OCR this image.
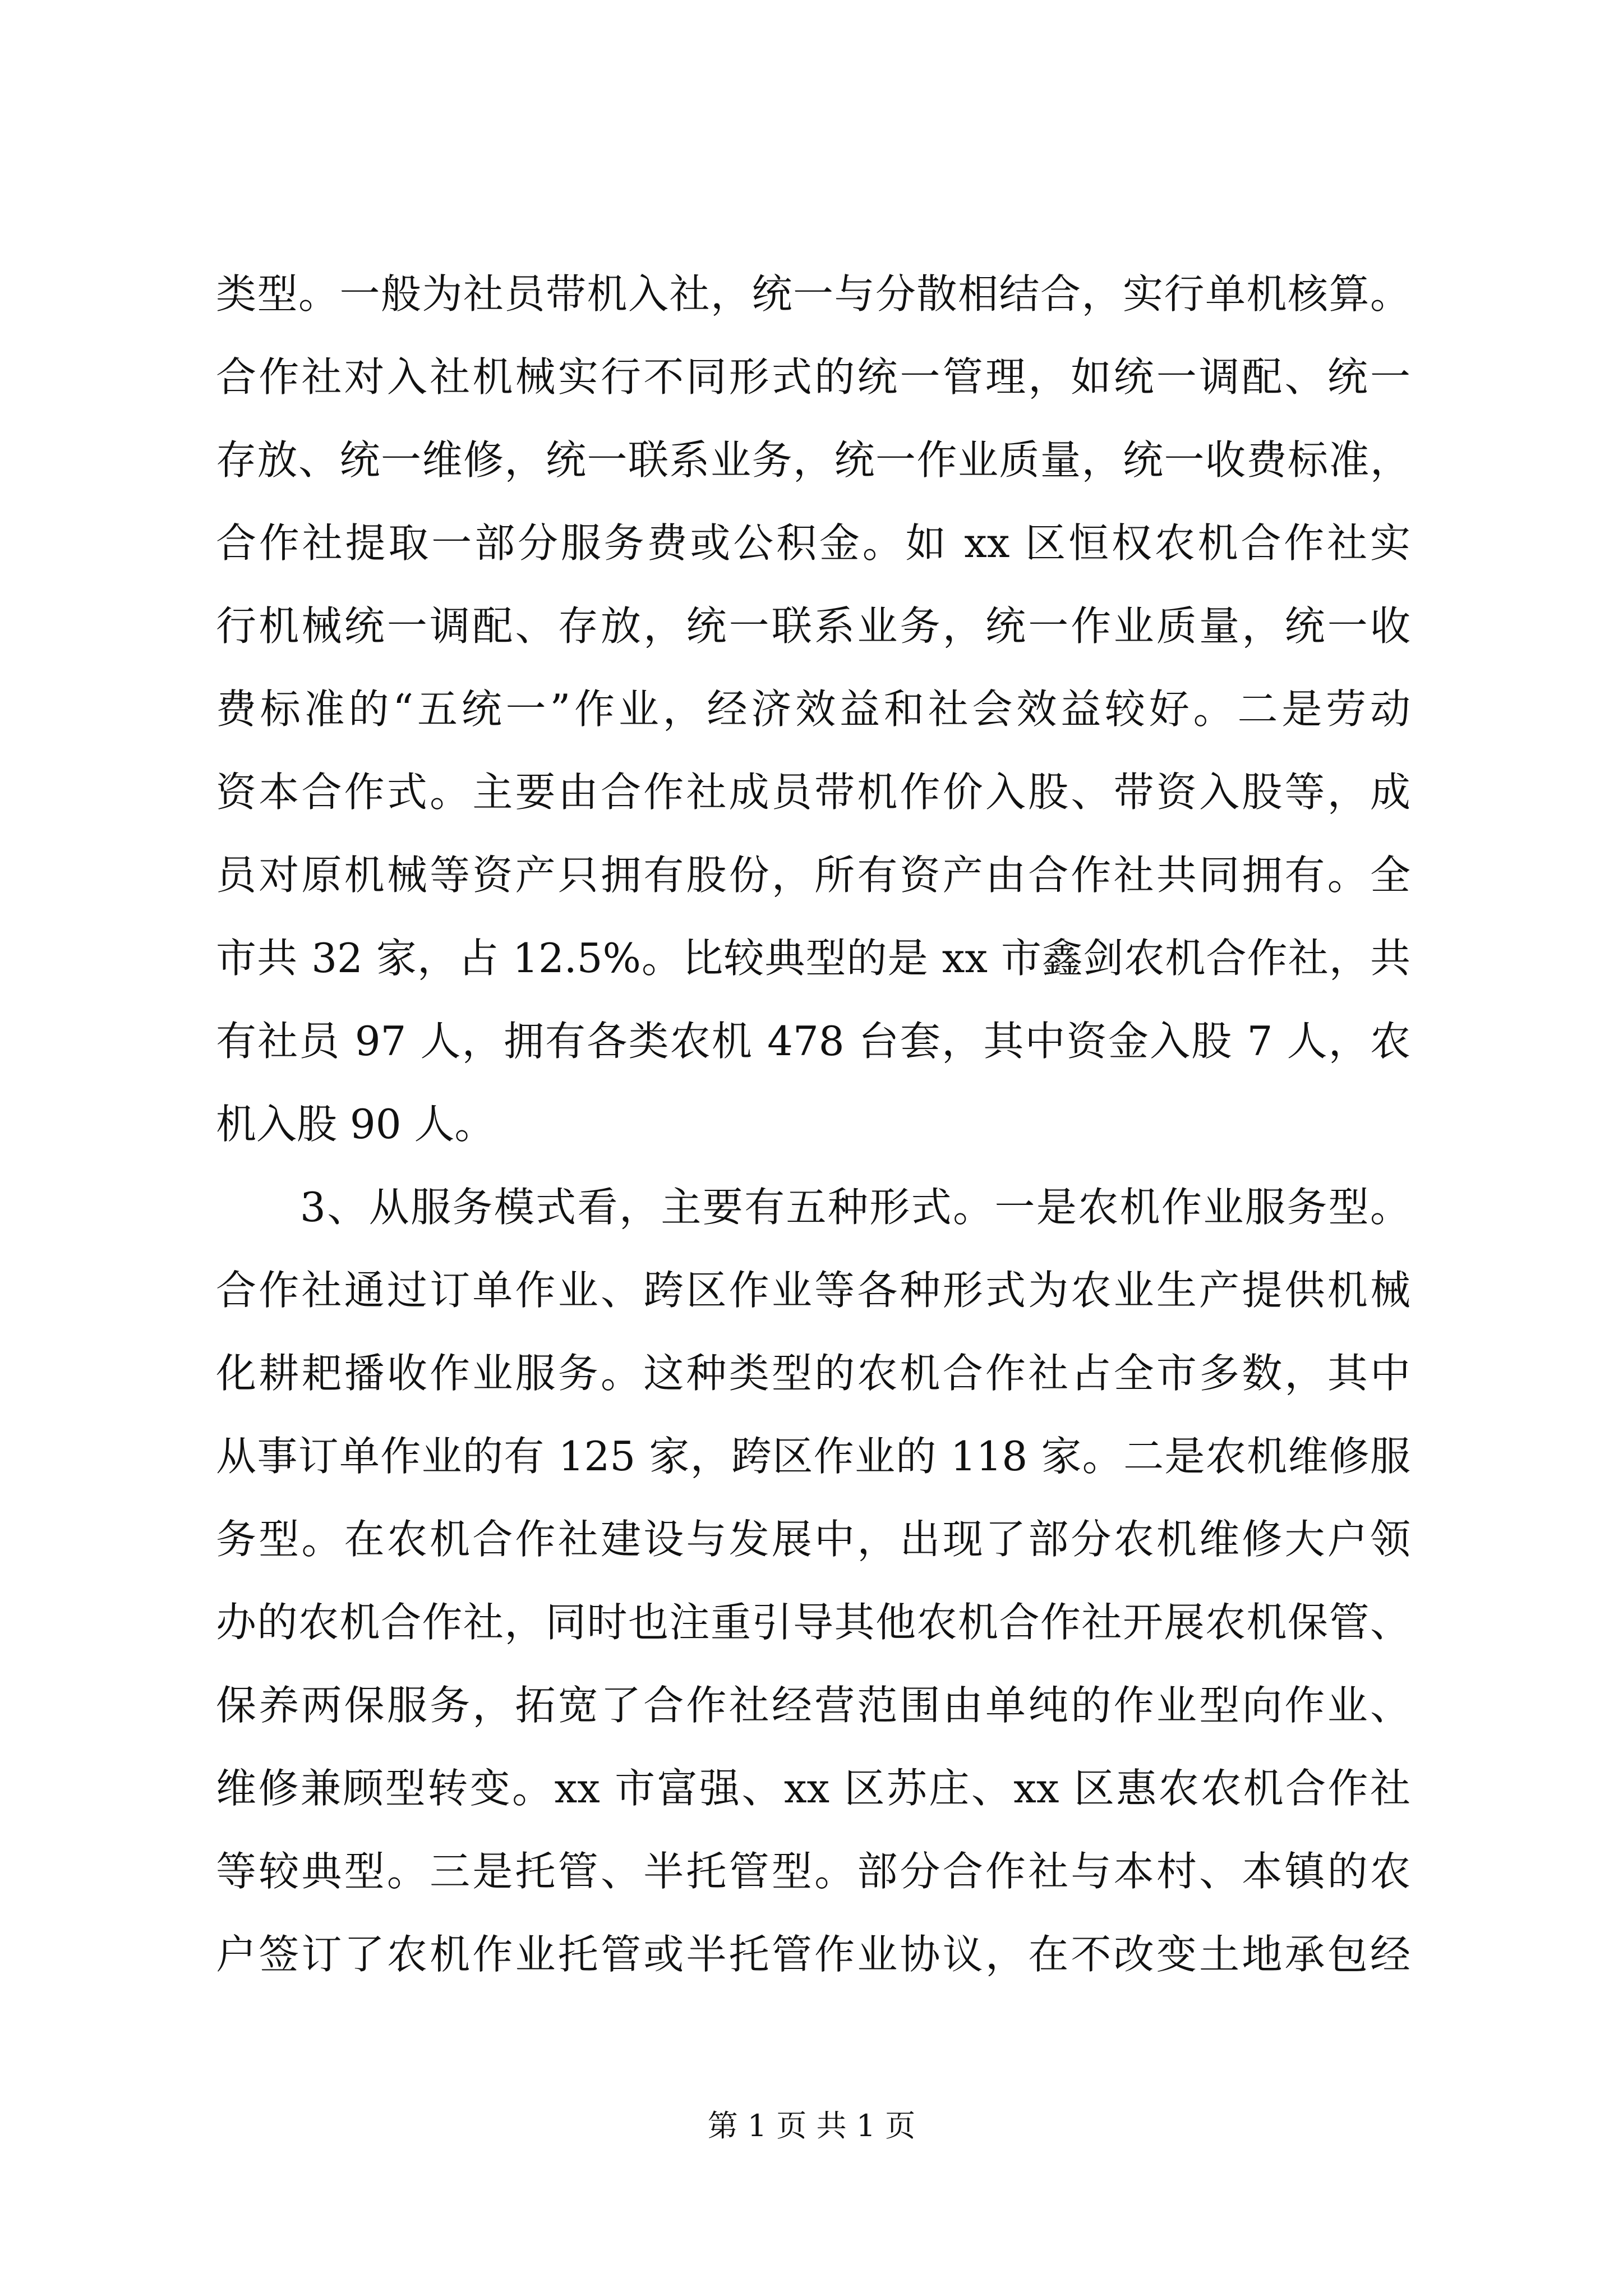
类型。一般为社员带机入社，统一与分散相结合，实行单机核算。
合作社对入社机械实行不同形式的统一管理，如统一调配、统一
存放、统一维修，统一联系业务，统一作业质量，统一收费标准，
合作社提取一部分服务费或公积金。如 xx 区恒权农机合作社实
行机械统一调配、存放，统一联系业务，统一作业质量，统一收
费标准的“五统一”作业，经济效益和社会效益较好。二是劳动
资本合作式。主要由合作社成员带机作价入股、带资入股等，成
员对原机械等资产只拥有股份，所有资产由合作社共同拥有。全
市共 32 家，占 12.5%。比较典型的是 xx 市鑫剑农机合作社，共
有社员 97 人，拥有各类农机 478 台套，其中资金入股 7 人，农
机入股 90 人。
3、从服务模式看，主要有五种形式。一是农机作业服务型。
合作社通过订单作业、跨区作业等各种形式为农业生产提供机械
化耕耙播收作业服务。这种类型的农机合作社占全市多数，其中
从事订单作业的有 125 家，跨区作业的 118 家。二是农机维修服
务型。在农机合作社建设与发展中，出现了部分农机维修大户领
办的农机合作社，同时也注重引导其他农机合作社开展农机保管、
保养两保服务，拓宽了合作社经营范围由单纯的作业型向作业、
维修兼顾型转变。xx 市富强、xx 区苏庄、xx 区惠农农机合作社
等较典型。三是托管、半托管型。部分合作社与本村、本镇的农
户签订了农机作业托管或半托管作业协议，在不改变土地承包经
第 1 页 共 1 页
